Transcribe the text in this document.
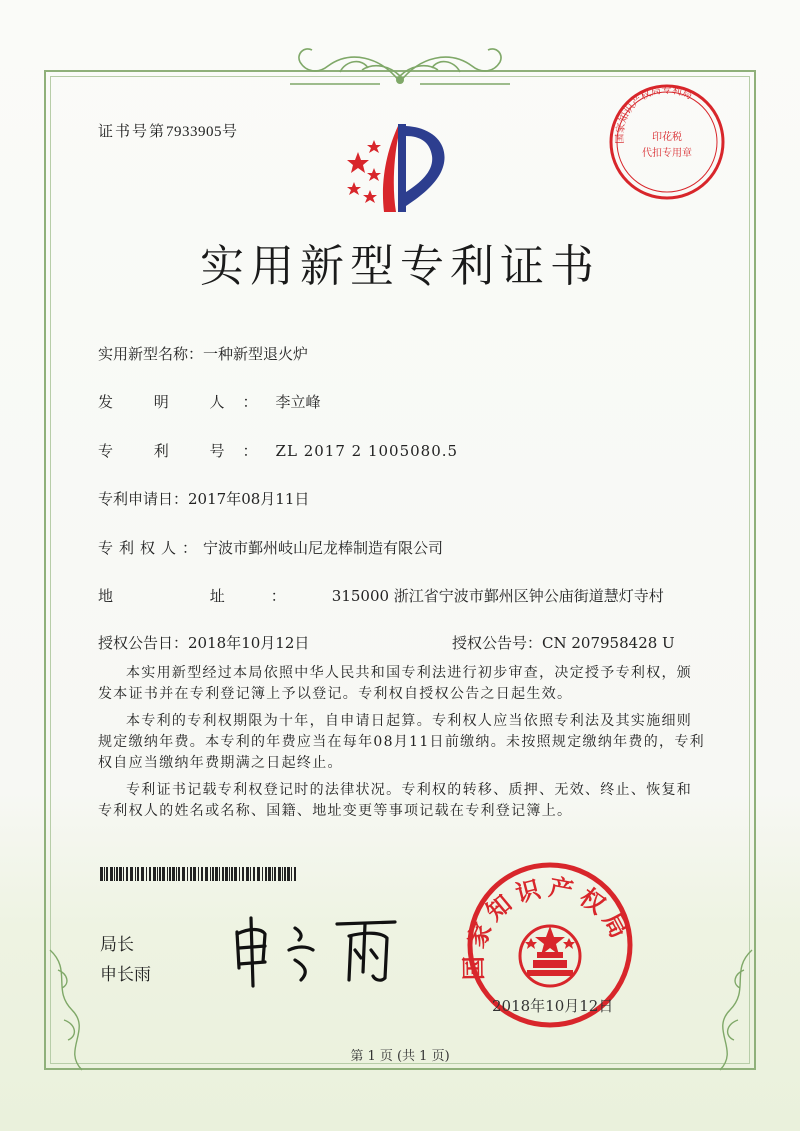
证书号第7933905号	国家知识产权局专利局
印花税
代扣专用章
实用新型专利证书
实用新型名称：一种新型退火炉
发 明 人：李立峰
专 利 号：ZL 2017 2 1005080.5
专利申请日：2017年08月11日
专利权人：宁波市鄞州岐山尼龙棒制造有限公司
地 址：315000 浙江省宁波市鄞州区钟公庙街道慧灯寺村
授权公告日：2018年10月12日	授权公告号：CN 207958428 U

本实用新型经过本局依照中华人民共和国专利法进行初步审查，决定授予专利权，颁发本证书并在专利登记簿上予以登记。专利权自授权公告之日起生效。

本专利的专利权期限为十年，自申请日起算。专利权人应当依照专利法及其实施细则规定缴纳年费。本专利的年费应当在每年08月11日前缴纳。未按照规定缴纳年费的，专利权自应当缴纳年费期满之日起终止。

专利证书记载专利权登记时的法律状况。专利权的转移、质押、无效、终止、恢复和专利权人的姓名或名称、国籍、地址变更等事项记载在专利登记簿上。

局长
申长雨	国家知识产权局
2018年10月12日
第 1 页 (共 1 页)
